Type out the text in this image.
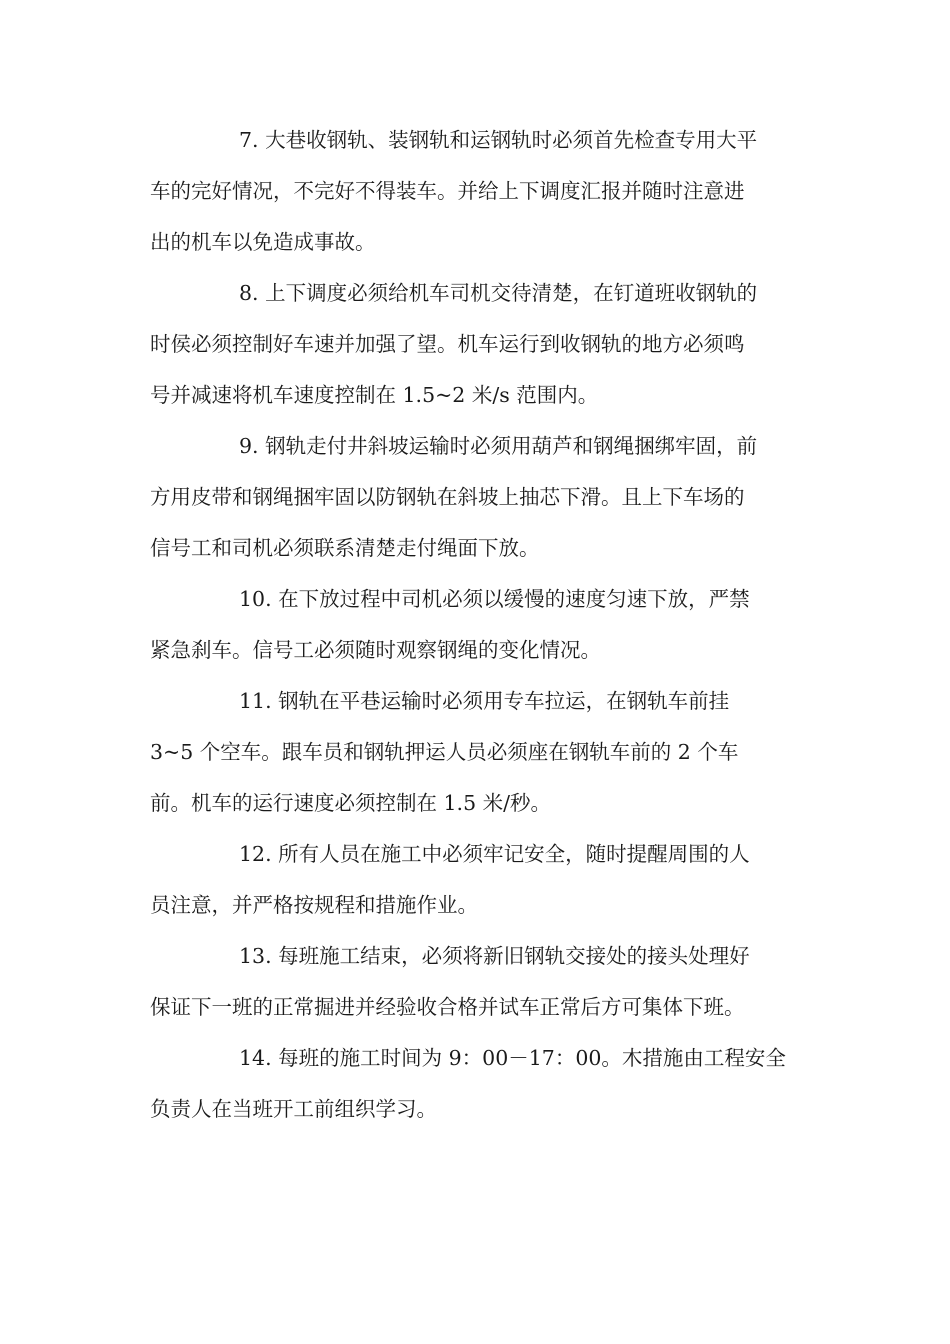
7. 大巷收钢轨、装钢轨和运钢轨时必须首先检查专用大平
车的完好情况，不完好不得装车。并给上下调度汇报并随时注意进
出的机车以免造成事故。
8. 上下调度必须给机车司机交待清楚，在钉道班收钢轨的
时侯必须控制好车速并加强了望。机车运行到收钢轨的地方必须鸣
号并减速将机车速度控制在 1.5~2 米/s 范围内。
9. 钢轨走付井斜坡运输时必须用葫芦和钢绳捆绑牢固，前
方用皮带和钢绳捆牢固以防钢轨在斜坡上抽芯下滑。且上下车场的
信号工和司机必须联系清楚走付绳面下放。
10. 在下放过程中司机必须以缓慢的速度匀速下放，严禁
紧急刹车。信号工必须随时观察钢绳的变化情况。
11. 钢轨在平巷运输时必须用专车拉运，在钢轨车前挂
3~5 个空车。跟车员和钢轨押运人员必须座在钢轨车前的 2 个车
前。机车的运行速度必须控制在 1.5 米/秒。
12. 所有人员在施工中必须牢记安全，随时提醒周围的人
员注意，并严格按规程和措施作业。
13. 每班施工结束，必须将新旧钢轨交接处的接头处理好
保证下一班的正常掘进并经验收合格并试车正常后方可集体下班。
14. 每班的施工时间为 9：00－17：00。木措施由工程安全
负责人在当班开工前组织学习。
